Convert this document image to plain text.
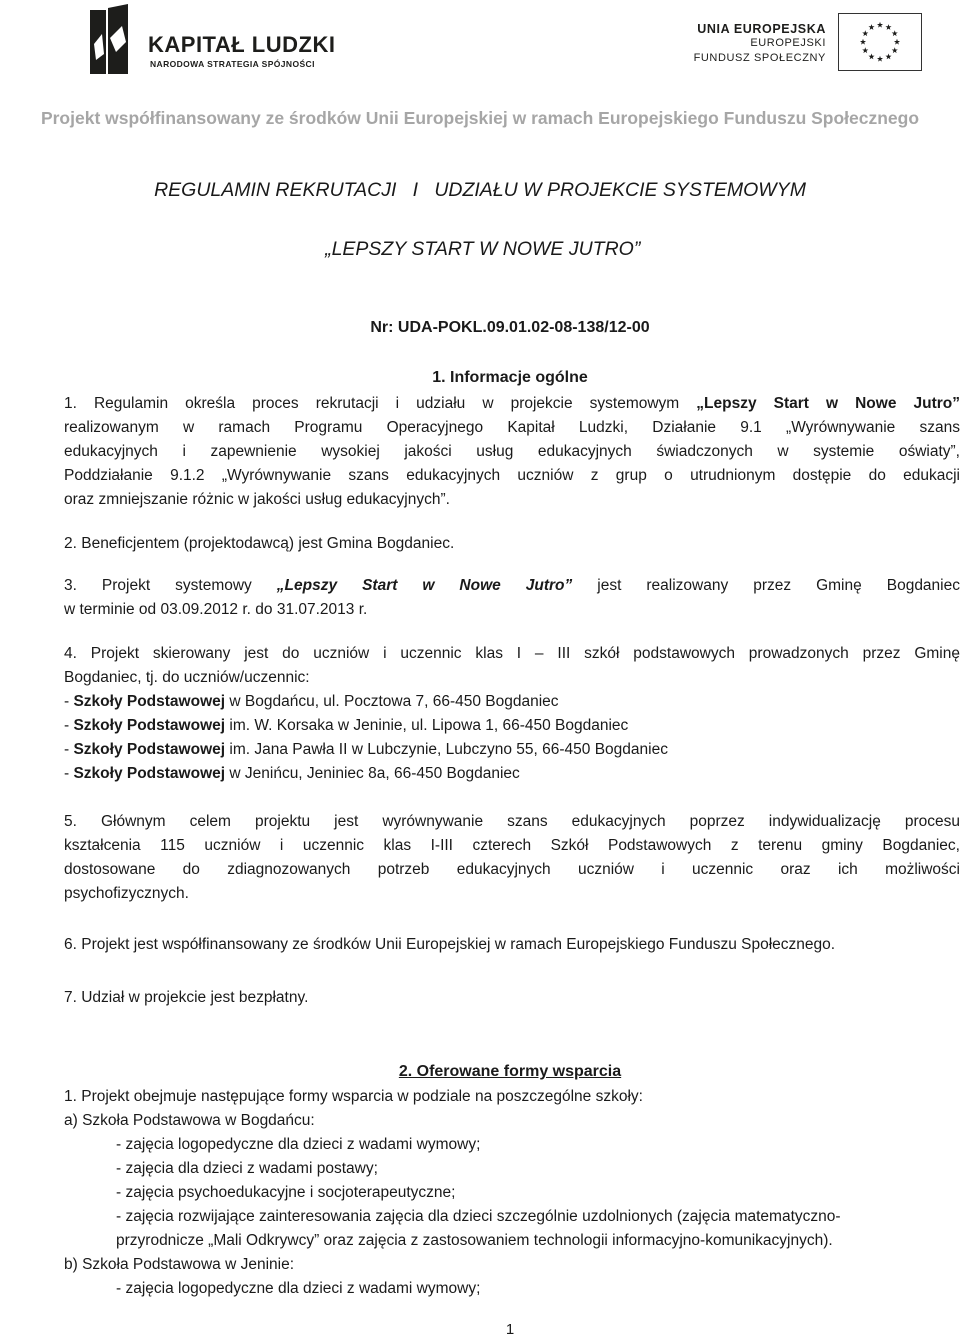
KAPITAŁ LUDZKI
NARODOWA STRATEGIA SPÓJNOŚCI
UNIA EUROPEJSKA
EUROPEJSKI
FUNDUSZ SPOŁECZNY
Projekt współfinansowany ze środków Unii Europejskiej w ramach Europejskiego Funduszu Społecznego
REGULAMIN REKRUTACJI   I   UDZIAŁU W PROJEKCIE SYSTEMOWYM
„LEPSZY START W NOWE JUTRO”
Nr: UDA-POKL.09.01.02-08-138/12-00
1. Informacje ogólne
1. Regulamin określa proces rekrutacji i udziału w projekcie systemowym „Lepszy Start w Nowe Jutro”
realizowanym w ramach Programu Operacyjnego Kapitał Ludzki, Działanie 9.1 „Wyrównywanie szans
edukacyjnych i zapewnienie wysokiej jakości usług edukacyjnych świadczonych w systemie oświaty”,
Poddziałanie 9.1.2 „Wyrównywanie szans edukacyjnych uczniów z grup o utrudnionym dostępie do edukacji
oraz zmniejszanie różnic w jakości usług edukacyjnych”.
2. Beneficjentem (projektodawcą) jest Gmina Bogdaniec.
3. Projekt systemowy „Lepszy Start w Nowe Jutro” jest realizowany przez Gminę Bogdaniec
w terminie od 03.09.2012 r. do 31.07.2013 r.
4. Projekt skierowany jest do uczniów i uczennic klas I – III szkół podstawowych prowadzonych przez Gminę
Bogdaniec, tj. do uczniów/uczennic:
- Szkoły Podstawowej w Bogdańcu, ul. Pocztowa 7, 66-450 Bogdaniec
- Szkoły Podstawowej im. W. Korsaka w Jeninie, ul. Lipowa 1, 66-450 Bogdaniec
- Szkoły Podstawowej im. Jana Pawła II w Lubczynie, Lubczyno 55, 66-450 Bogdaniec
- Szkoły Podstawowej w Jenińcu, Jeniniec 8a, 66-450 Bogdaniec
5. Głównym celem projektu jest wyrównywanie szans edukacyjnych poprzez indywidualizację procesu
kształcenia 115 uczniów i uczennic klas I-III czterech Szkół Podstawowych z terenu gminy Bogdaniec,
dostosowane do zdiagnozowanych potrzeb edukacyjnych uczniów i uczennic oraz ich możliwości
psychofizycznych.
6. Projekt jest współfinansowany ze środków Unii Europejskiej w ramach Europejskiego Funduszu Społecznego.
7. Udział w projekcie jest bezpłatny.
2. Oferowane formy wsparcia
1. Projekt obejmuje następujące formy wsparcia w podziale na poszczególne szkoły:
a) Szkoła Podstawowa w Bogdańcu:
- zajęcia logopedyczne dla dzieci z wadami wymowy;
- zajęcia dla dzieci z wadami postawy;
- zajęcia psychoedukacyjne i socjoterapeutyczne;
- zajęcia rozwijające zainteresowania zajęcia dla dzieci szczególnie uzdolnionych (zajęcia matematyczno-
przyrodnicze „Mali Odkrywcy” oraz zajęcia z zastosowaniem technologii informacyjno-komunikacyjnych).
b) Szkoła Podstawowa w Jeninie:
- zajęcia logopedyczne dla dzieci z wadami wymowy;
1
